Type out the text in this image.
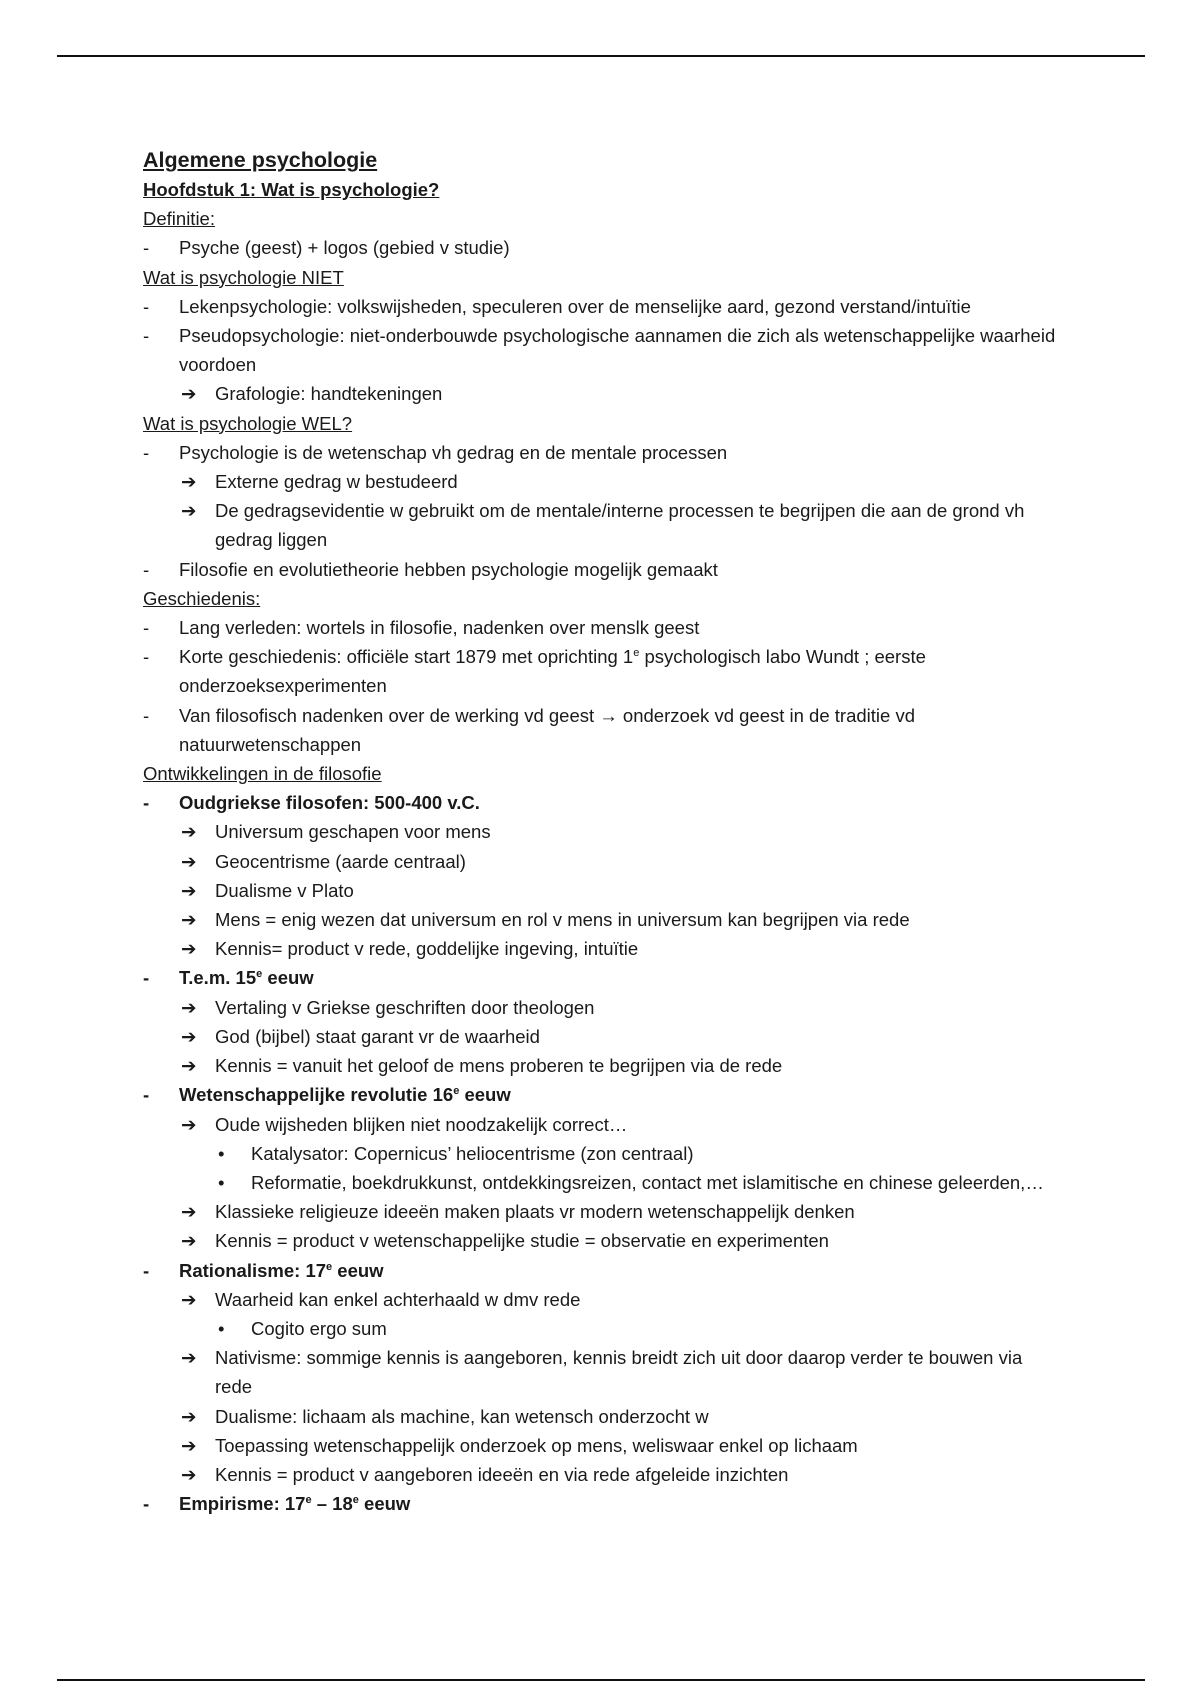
Algemene psychologie
Hoofdstuk 1: Wat is psychologie?
Definitie:
- Psyche (geest) + logos (gebied v studie)
Wat is psychologie NIET
- Lekenpsychologie: volkswijsheden, speculeren over de menselijke aard, gezond verstand/intuïtie
- Pseudopsychologie: niet-onderbouwde psychologische aannamen die zich als wetenschappelijke waarheid voordoen
➔ Grafologie: handtekeningen
Wat is psychologie WEL?
- Psychologie is de wetenschap vh gedrag en de mentale processen
➔ Externe gedrag w bestudeerd
➔ De gedragsevidentie w gebruikt om de mentale/interne processen te begrijpen die aan de grond vh gedrag liggen
- Filosofie en evolutietheorie hebben psychologie mogelijk gemaakt
Geschiedenis:
- Lang verleden: wortels in filosofie, nadenken over menslk geest
- Korte geschiedenis: officiële start 1879 met oprichting 1e psychologisch labo Wundt ; eerste onderzoeksexperimenten
- Van filosofisch nadenken over de werking vd geest → onderzoek vd geest in de traditie vd natuurwetenschappen
Ontwikkelingen in de filosofie
- Oudgriekse filosofen: 500-400 v.C.
➔ Universum geschapen voor mens
➔ Geocentrisme (aarde centraal)
➔ Dualisme v Plato
➔ Mens = enig wezen dat universum en rol v mens in universum kan begrijpen via rede
➔ Kennis= product v rede, goddelijke ingeving, intuïtie
- T.e.m. 15e eeuw
➔ Vertaling v Griekse geschriften door theologen
➔ God (bijbel) staat garant vr de waarheid
➔ Kennis = vanuit het geloof de mens proberen te begrijpen via de rede
- Wetenschappelijke revolutie 16e eeuw
➔ Oude wijsheden blijken niet noodzakelijk correct…
• Katalysator: Copernicus’ heliocentrisme (zon centraal)
• Reformatie, boekdrukkunst, ontdekkingsreizen, contact met islamitische en chinese geleerden,…
➔ Klassieke religieuze ideeën maken plaats vr modern wetenschappelijk denken
➔ Kennis = product v wetenschappelijke studie = observatie en experimenten
- Rationalisme: 17e eeuw
➔ Waarheid kan enkel achterhaald w dmv rede
• Cogito ergo sum
➔ Nativisme: sommige kennis is aangeboren, kennis breidt zich uit door daarop verder te bouwen via rede
➔ Dualisme: lichaam als machine, kan wetensch onderzocht w
➔ Toepassing wetenschappelijk onderzoek op mens, weliswaar enkel op lichaam
➔ Kennis = product v aangeboren ideeën en via rede afgeleide inzichten
- Empirisme: 17e – 18e eeuw
